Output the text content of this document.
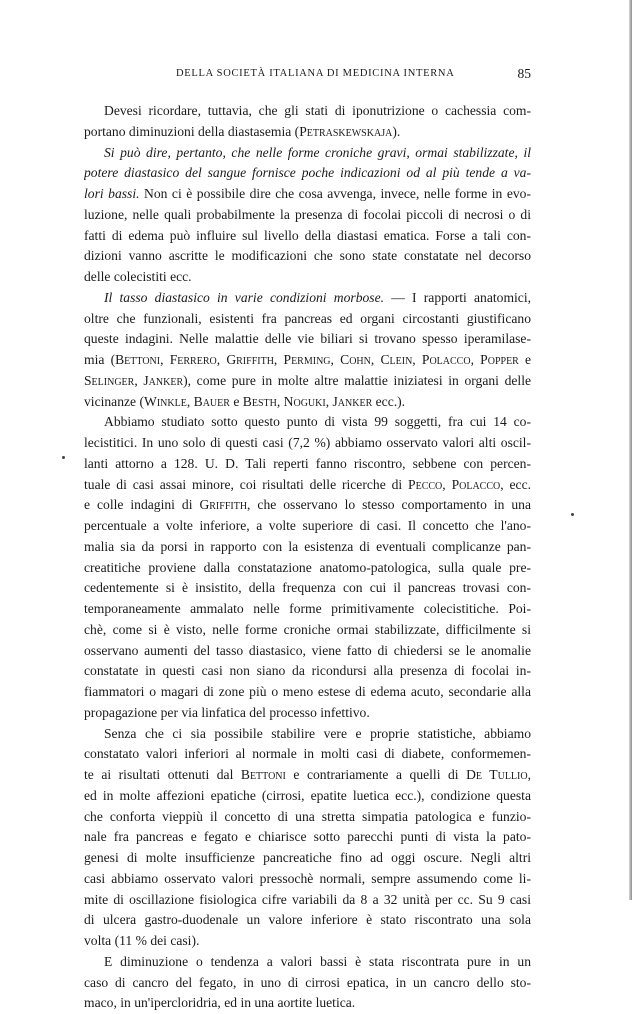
DELLA SOCIETÀ ITALIANA DI MEDICINA INTERNA	85
Devesi ricordare, tuttavia, che gli stati di iponutrizione o cachessia com-
portano diminuzioni della diastasemia (Petraskewskaja).
Si può dire, pertanto, che nelle forme croniche gravi, ormai stabilizzate, il
potere diastasico del sangue fornisce poche indicazioni od al più tende a va-
lori bassi. Non ci è possibile dire che cosa avvenga, invece, nelle forme in evo-
luzione, nelle quali probabilmente la presenza di focolai piccoli di necrosi o di
fatti di edema può influire sul livello della diastasi ematica. Forse a tali con-
dizioni vanno ascritte le modificazioni che sono state constatate nel decorso
delle colecistiti ecc.
Il tasso diastasico in varie condizioni morbose. — I rapporti anatomici,
oltre che funzionali, esistenti fra pancreas ed organi circostanti giustificano
queste indagini. Nelle malattie delle vie biliari si trovano spesso iperamilase-
mia (Bettoni, Ferrero, Griffith, Perming, Cohn, Clein, Polacco, Popper e
Selinger, Janker), come pure in molte altre malattie iniziatesi in organi delle
vicinanze (Winkle, Bauer e Besth, Noguki, Janker ecc.).
Abbiamo studiato sotto questo punto di vista 99 soggetti, fra cui 14 co-
lecistitici. In uno solo di questi casi (7,2 %) abbiamo osservato valori alti oscil-
lanti attorno a 128. U. D. Tali reperti fanno riscontro, sebbene con percen-
tuale di casi assai minore, coi risultati delle ricerche di Pecco, Polacco, ecc.
e colle indagini di Griffith, che osservano lo stesso comportamento in una
percentuale a volte inferiore, a volte superiore di casi. Il concetto che l'ano-
malia sia da porsi in rapporto con la esistenza di eventuali complicanze pan-
creatitiche proviene dalla constatazione anatomo-patologica, sulla quale pre-
cedentemente si è insistito, della frequenza con cui il pancreas trovasi con-
temporaneamente ammalato nelle forme primitivamente colecistitiche. Poi-
chè, come si è visto, nelle forme croniche ormai stabilizzate, difficilmente si
osservano aumenti del tasso diastasico, viene fatto di chiedersi se le anomalie
constatate in questi casi non siano da ricondursi alla presenza di focolai in-
fiammatori o magari di zone più o meno estese di edema acuto, secondarie alla
propagazione per via linfatica del processo infettivo.
Senza che ci sia possibile stabilire vere e proprie statistiche, abbiamo
constatato valori inferiori al normale in molti casi di diabete, conformemen-
te ai risultati ottenuti dal Bettoni e contrariamente a quelli di De Tullio,
ed in molte affezioni epatiche (cirrosi, epatite luetica ecc.), condizione questa
che conforta vieppiù il concetto di una stretta simpatia patologica e funzio-
nale fra pancreas e fegato e chiarisce sotto parecchi punti di vista la pato-
genesi di molte insufficienze pancreatiche fino ad oggi oscure. Negli altri
casi abbiamo osservato valori pressochè normali, sempre assumendo come li-
mite di oscillazione fisiologica cifre variabili da 8 a 32 unità per cc. Su 9 casi
di ulcera gastro-duodenale un valore inferiore è stato riscontrato una sola
volta (11 % dei casi).
E diminuzione o tendenza a valori bassi è stata riscontrata pure in un
caso di cancro del fegato, in uno di cirrosi epatica, in un cancro dello sto-
maco, in un'ipercloridria, ed in una aortite luetica.
